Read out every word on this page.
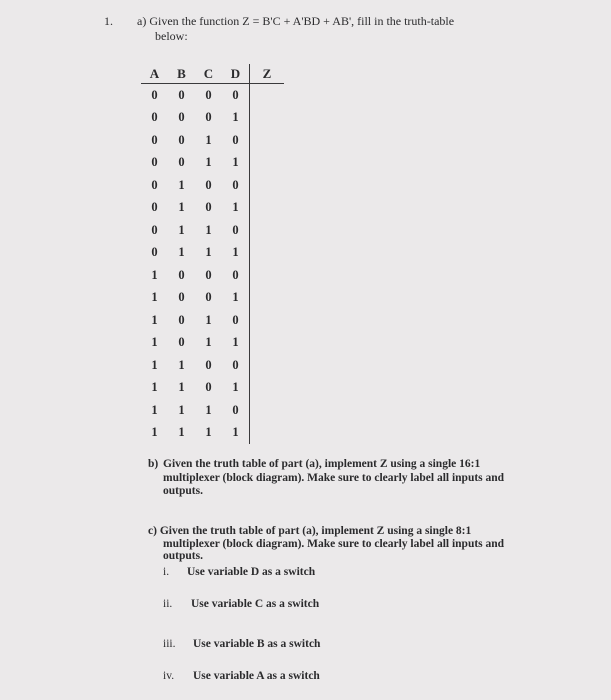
1. a) Given the function Z = B'C + A'BD + AB', fill in the truth-table
below:
A	B	C	D	Z
0	0	0	0	
0	0	0	1	
0	0	1	0	
0	0	1	1	
0	1	0	0	
0	1	0	1	
0	1	1	0	
0	1	1	1	
1	0	0	0	
1	0	0	1	
1	0	1	0	
1	0	1	1	
1	1	0	0	
1	1	0	1	
1	1	1	0	
1	1	1	1	
b) Given the truth table of part (a), implement Z using a single 16:1
multiplexer (block diagram). Make sure to clearly label all inputs and
outputs.
c) Given the truth table of part (a), implement Z using a single 8:1
multiplexer (block diagram). Make sure to clearly label all inputs and
outputs.
i. Use variable D as a switch
ii. Use variable C as a switch
iii. Use variable B as a switch
iv. Use variable A as a switch
